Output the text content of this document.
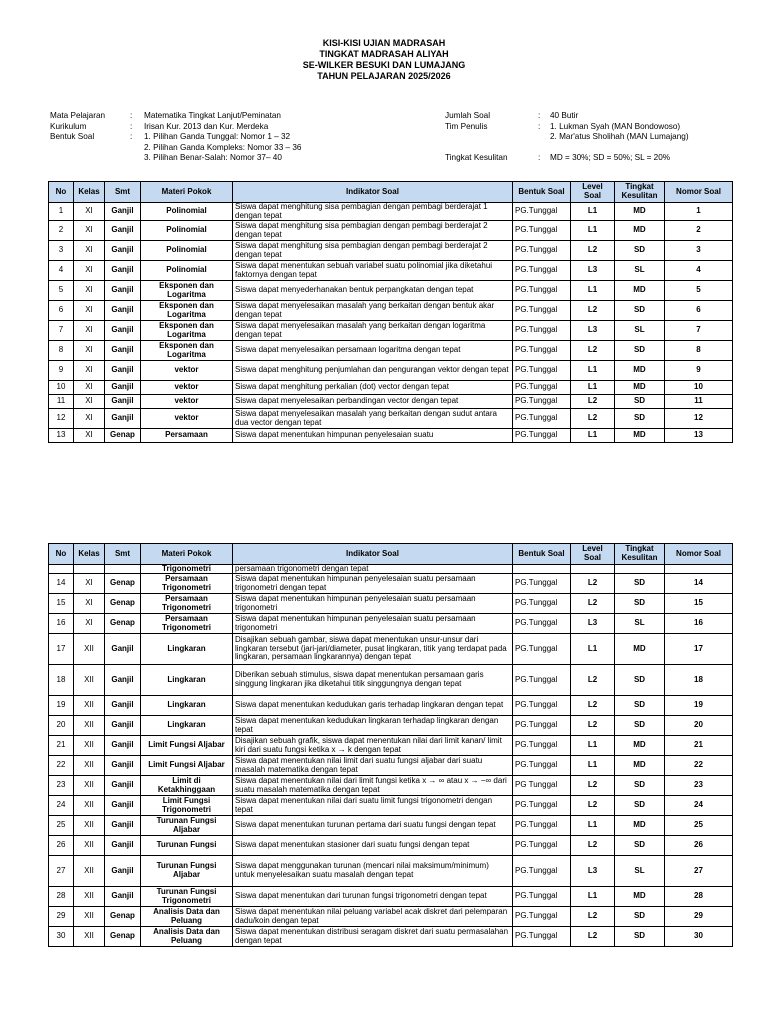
KISI-KISI UJIAN MADRASAH
TINGKAT MADRASAH ALIYAH
SE-WILKER BESUKI DAN LUMAJANG
TAHUN PELAJARAN 2025/2026
Mata Pelajaran	: Matematika Tingkat Lanjut/Peminatan
Kurikulum	: Irisan Kur. 2013 dan Kur. Merdeka
Bentuk Soal	: 1. Pilihan Ganda Tunggal: Nomor 1 – 32
2. Pilihan Ganda Kompleks: Nomor 33 – 36
3. Pilihan Benar-Salah: Nomor 37– 40
Jumlah Soal	: 40 Butir
Tim Penulis	: 1. Lukman Syah (MAN Bondowoso)
2. Mar'atus Sholihah (MAN Lumajang)
Tingkat Kesulitan	: MD = 30%; SD = 50%; SL = 20%
No	Kelas	Smt	Materi Pokok	Indikator Soal	Bentuk Soal	Level Soal	Tingkat Kesulitan	Nomor Soal
1	XI	Ganjil	Polinomial	Siswa dapat menghitung sisa pembagian dengan pembagi berderajat 1 dengan tepat	PG.Tunggal	L1	MD	1
2	XI	Ganjil	Polinomial	Siswa dapat menghitung sisa pembagian dengan pembagi berderajat 2 dengan tepat	PG.Tunggal	L1	MD	2
3	XI	Ganjil	Polinomial	Siswa dapat menghitung sisa pembagian dengan pembagi berderajat 2 dengan tepat	PG.Tunggal	L2	SD	3
4	XI	Ganjil	Polinomial	Siswa dapat menentukan sebuah variabel suatu polinomial jika diketahui faktornya dengan tepat	PG.Tunggal	L3	SL	4
5	XI	Ganjil	Eksponen dan Logaritma	Siswa dapat menyederhanakan bentuk perpangkatan dengan tepat	PG.Tunggal	L1	MD	5
6	XI	Ganjil	Eksponen dan Logaritma	Siswa dapat menyelesaikan masalah yang berkaitan dengan bentuk akar dengan tepat	PG.Tunggal	L2	SD	6
7	XI	Ganjil	Eksponen dan Logaritma	Siswa dapat menyelesaikan masalah yang berkaitan dengan logaritma dengan tepat	PG.Tunggal	L3	SL	7
8	XI	Ganjil	Eksponen dan Logaritma	Siswa dapat menyelesaikan persamaan logaritma dengan tepat	PG.Tunggal	L2	SD	8
9	XI	Ganjil	vektor	Siswa dapat menghitung penjumlahan dan pengurangan vektor dengan tepat	PG.Tunggal	L1	MD	9
10	XI	Ganjil	vektor	Siswa dapat menghitung perkalian (dot) vector dengan tepat	PG.Tunggal	L1	MD	10
11	XI	Ganjil	vektor	Siswa dapat menyelesaikan perbandingan vector dengan tepat	PG.Tunggal	L2	SD	11
12	XI	Ganjil	vektor	Siswa dapat menyelesaikan masalah yang berkaitan dengan sudut antara dua vector dengan tepat	PG.Tunggal	L2	SD	12
13	XI	Genap	Persamaan	Siswa dapat menentukan himpunan penyelesaian suatu	PG.Tunggal	L1	MD	13
No	Kelas	Smt	Materi Pokok	Indikator Soal	Bentuk Soal	Level Soal	Tingkat Kesulitan	Nomor Soal
			Trigonometri	persamaan trigonometri dengan tepat				
14	XI	Genap	Persamaan Trigonometri	Siswa dapat menentukan himpunan penyelesaian suatu persamaan trigonometri dengan tepat	PG.Tunggal	L2	SD	14
15	XI	Genap	Persamaan Trigonometri	Siswa dapat menentukan himpunan penyelesaian suatu persamaan trigonometri	PG.Tunggal	L2	SD	15
16	XI	Genap	Persamaan Trigonometri	Siswa dapat menentukan himpunan penyelesaian suatu persamaan trigonometri	PG.Tunggal	L3	SL	16
17	XII	Ganjil	Lingkaran	Disajikan sebuah gambar, siswa dapat menentukan unsur-unsur dari lingkaran tersebut (jari-jari/diameter, pusat lingkaran, titik yang terdapat pada lingkaran, persamaan lingkarannya) dengan tepat	PG.Tunggal	L1	MD	17
18	XII	Ganjil	Lingkaran	Diberikan sebuah stimulus, siswa dapat menentukan persamaan garis singgung lingkaran jika diketahui titik singgungnya dengan tepat	PG.Tunggal	L2	SD	18
19	XII	Ganjil	Lingkaran	Siswa dapat menentukan kedudukan garis terhadap lingkaran dengan tepat	PG.Tunggal	L2	SD	19
20	XII	Ganjil	Lingkaran	Siswa dapat menentukan kedudukan lingkaran terhadap lingkaran dengan tepat	PG.Tunggal	L2	SD	20
21	XII	Ganjil	Limit Fungsi Aljabar	Disajikan sebuah grafik, siswa dapat menentukan nilai dari limit kanan/ limit kiri dari suatu fungsi ketika x → k dengan tepat	PG.Tunggal	L1	MD	21
22	XII	Ganjil	Limit Fungsi Aljabar	Siswa dapat menentukan nilai limit dari suatu fungsi aljabar dari suatu masalah matematika dengan tepat	PG.Tunggal	L1	MD	22
23	XII	Ganjil	Limit di Ketakhinggaan	Siswa dapat menentukan nilai dari limit fungsi ketika x → ∞ atau x → −∞ dari suatu masalah matematika dengan tepat	PG Tunggal	L2	SD	23
24	XII	Ganjil	Limit Fungsi Trigonometri	Siswa dapat menentukan nilai dari suatu limit fungsi trigonometri dengan tepat	PG.Tunggal	L2	SD	24
25	XII	Ganjil	Turunan Fungsi Aljabar	Siswa dapat menentukan turunan pertama dari suatu fungsi dengan tepat	PG.Tunggal	L1	MD	25
26	XII	Ganjil	Turunan Fungsi	Siswa dapat menentukan stasioner dari suatu fungsi dengan tepat	PG.Tunggal	L2	SD	26
27	XII	Ganjil	Turunan Fungsi Aljabar	Siswa dapat menggunakan turunan (mencari nilai maksimum/minimum) untuk menyelesaikan suatu masalah dengan tepat	PG.Tunggal	L3	SL	27
28	XII	Ganjil	Turunan Fungsi Trigonometri	Siswa dapat menentukan dari turunan fungsi trigonometri dengan tepat	PG.Tunggal	L1	MD	28
29	XII	Genap	Analisis Data dan Peluang	Siswa dapat menentukan nilai peluang variabel acak diskret dari pelemparan dadu/koin dengan tepat	PG.Tunggal	L2	SD	29
30	XII	Genap	Analisis Data dan Peluang	Siswa dapat menentukan distribusi seragam diskret dari suatu permasalahan dengan tepat	PG.Tunggal	L2	SD	30
